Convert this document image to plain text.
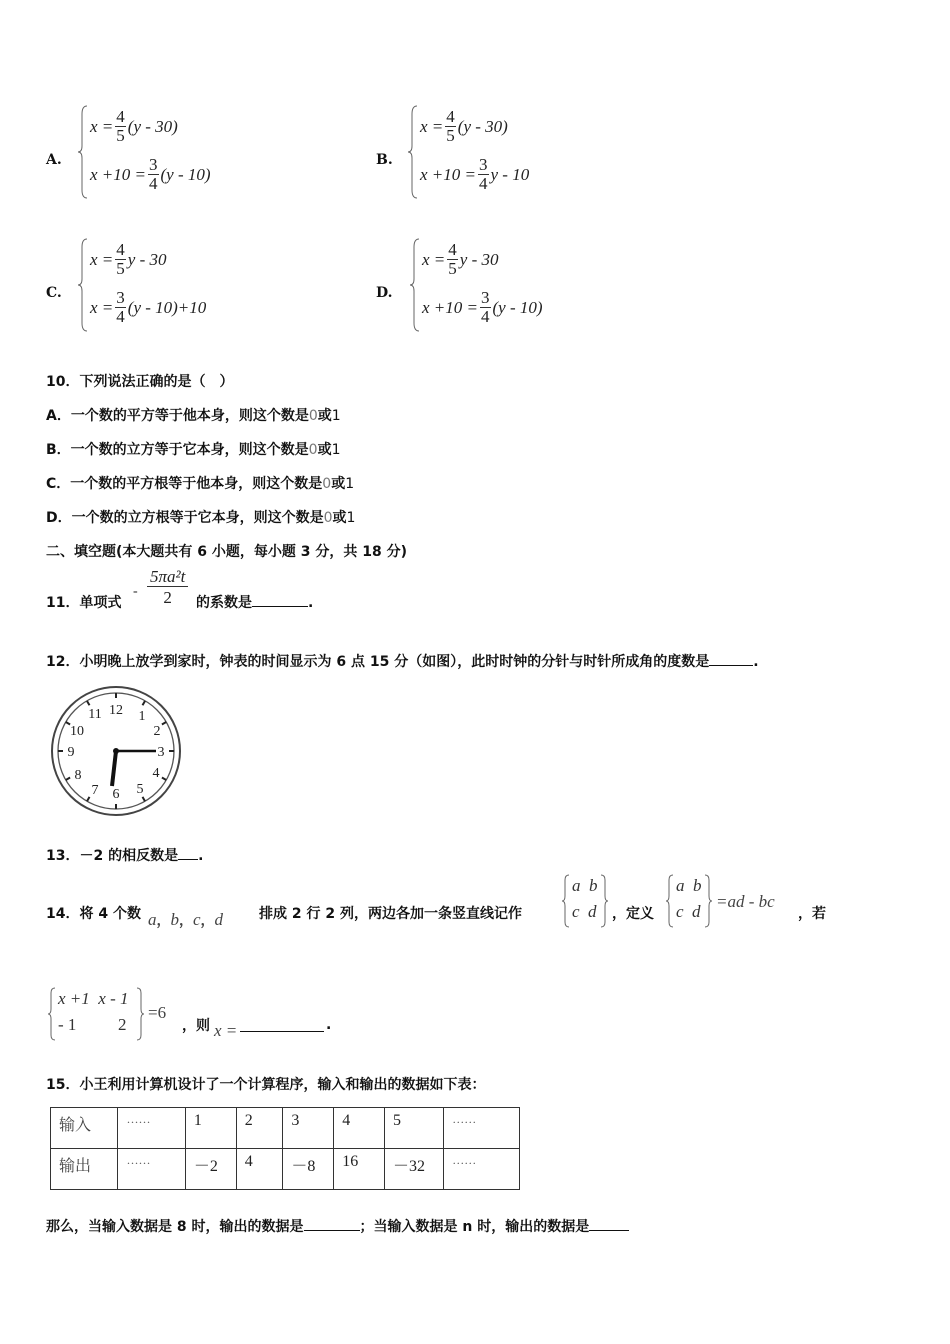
A.
$x = \frac{4}{5} (y - 30)$
$x +10 = \frac{3}{4} (y - 10)$
B.
$x = \frac{4}{5} (y - 30)$
$x +10 = \frac{3}{4}$ y - 10
C.
$x = \frac{4}{5}$ y - 30
$x = \frac{3}{4} (y - 10)+10$
D.
$x = \frac{4}{5}$ y - 30
$x +10 = \frac{3}{4} (y - 10)$
10．下列说法正确的是（　）
A．一个数的平方等于他本身，则这个数是0或1
B．一个数的立方等于它本身，则这个数是0或1
C．一个数的平方根等于他本身，则这个数是0或1
D．一个数的立方根等于它本身，则这个数是0或1
二、填空题(本大题共有 6 小题，每小题 3 分，共 18 分)
11．单项式
- $\frac{\text{5πa²t}}{2}$ 的系数是	.
12．小明晚上放学到家时，钟表的时间显示为 6 点 15 分（如图），此时时钟的分针与时针所成角的度数是	.
12 1
2
3
4
5
6
7
8
9
10
11
13．－2 的相反数是 .
14．将 4 个数 a，b，c，d	排成 2 行 2 列，两边各加一条竖直线记作
a b
c d ，定义
a b
c d
=ad - bc
，若
x +1 x - 1
- 1 2
=6
，则 x =	.
15．小王利用计算机设计了一个计算程序，输入和输出的数据如下表：
输入	……	1	2	3	4	5	……
输出	……	－2	4	－8	16	－32	……
那么，当输入数据是 8 时，输出的数据是	；当输入数据是 n 时，输出的数据是
